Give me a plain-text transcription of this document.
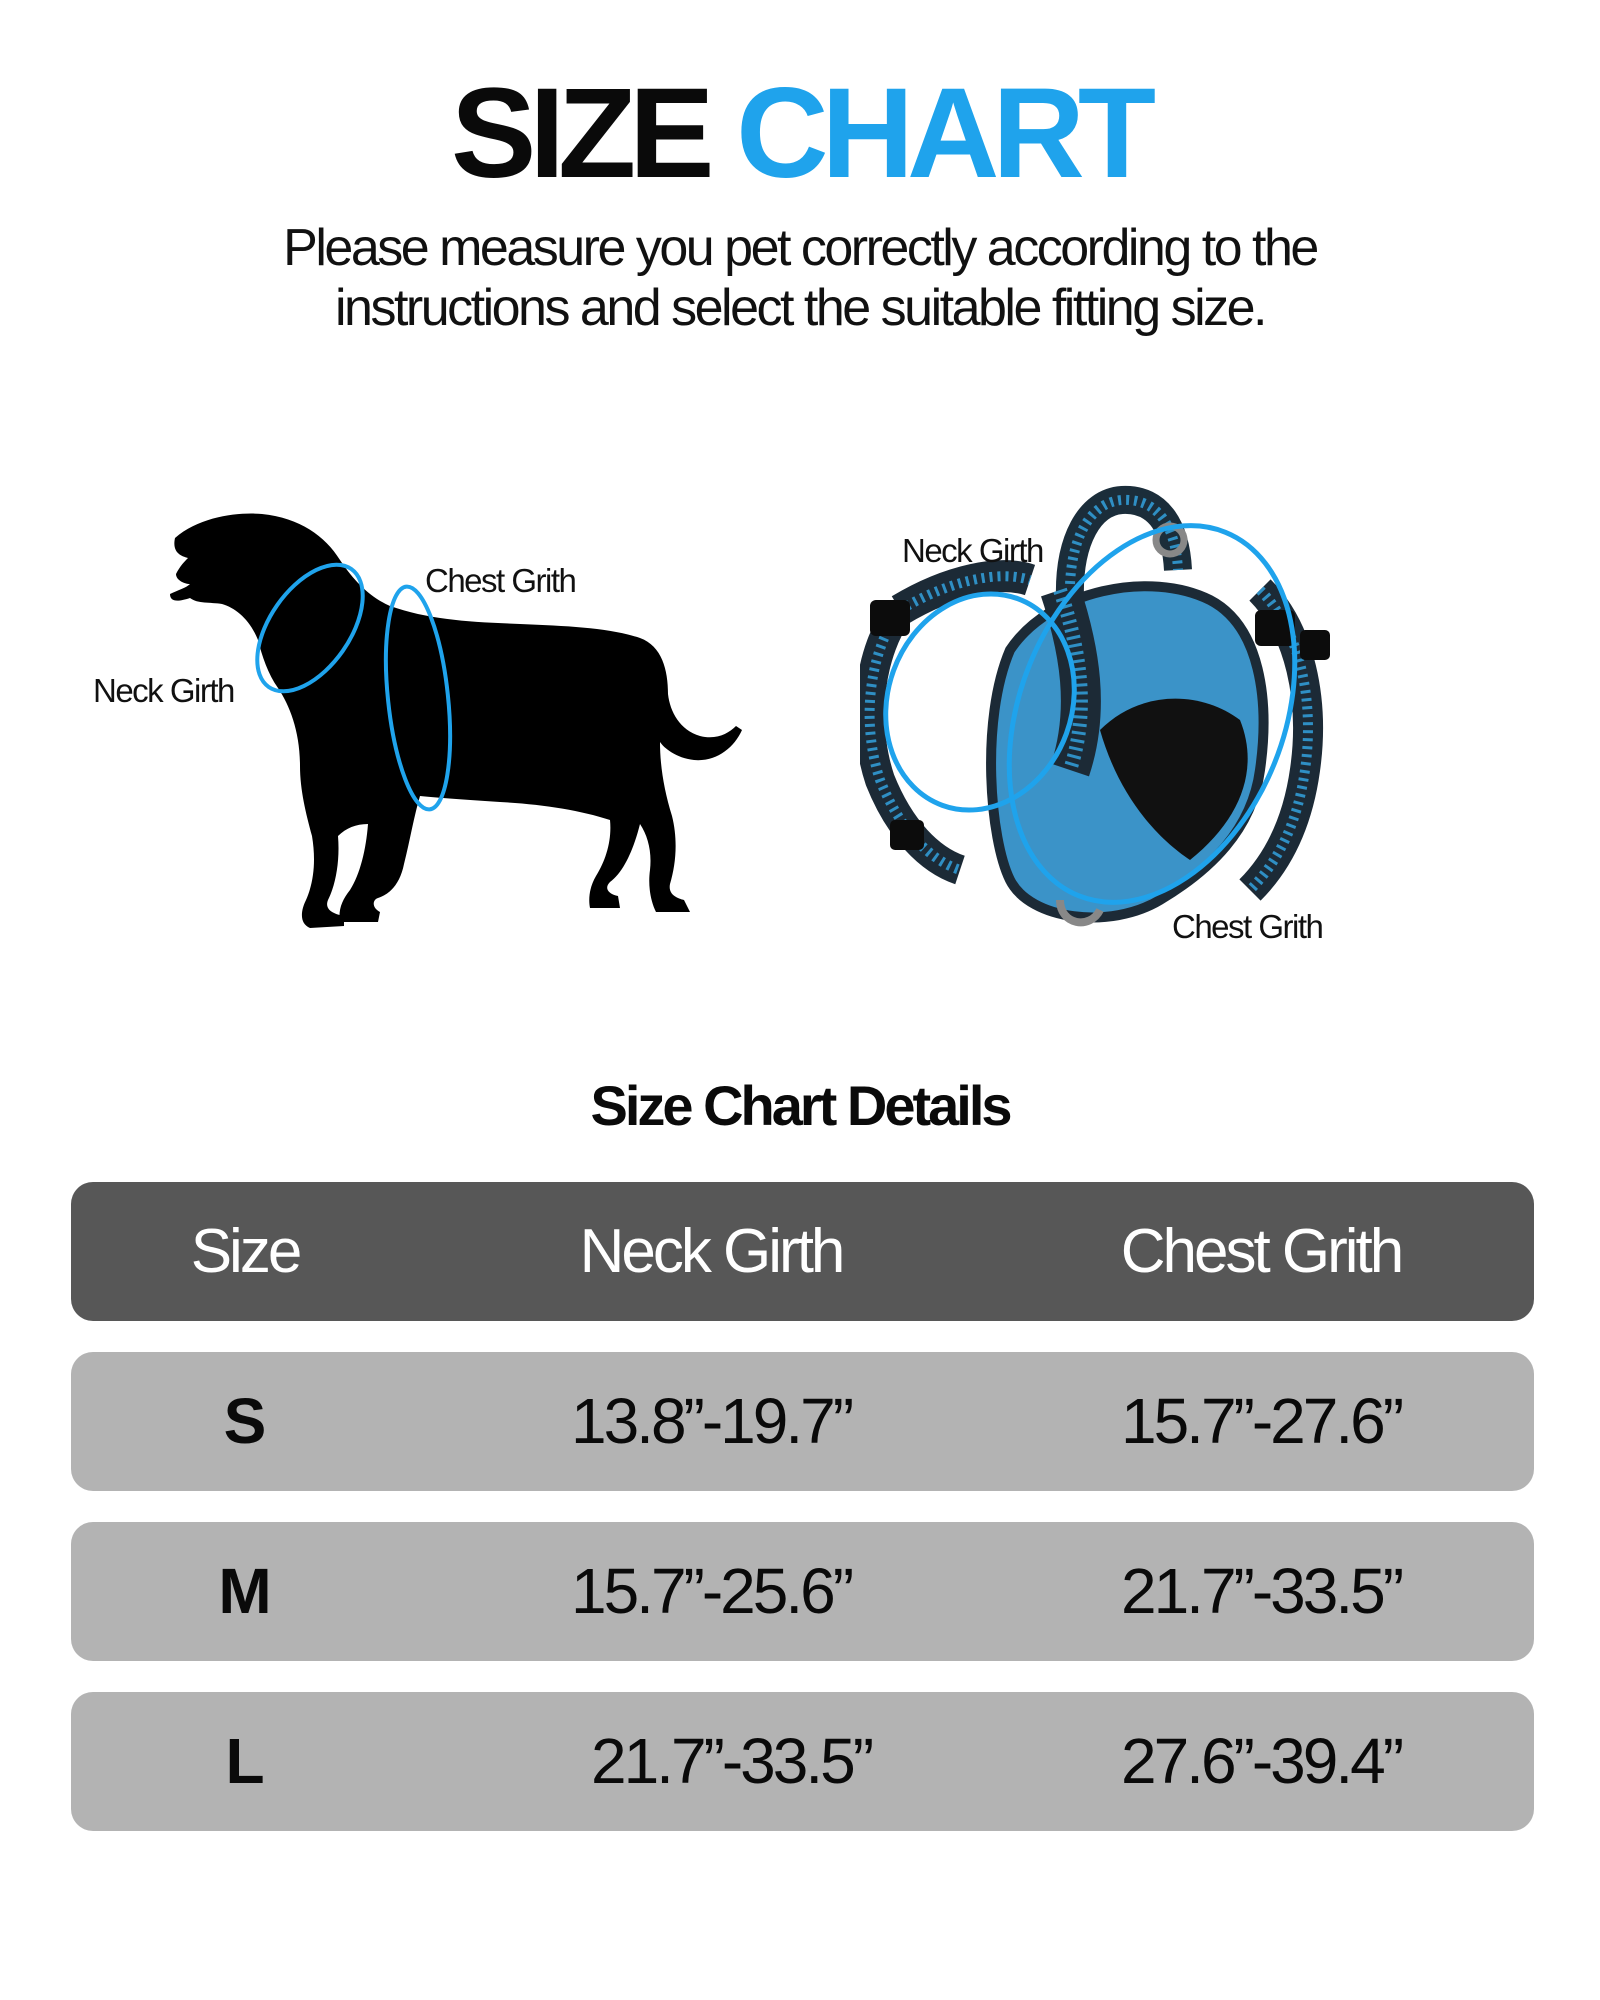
SIZE CHART
Please measure you pet correctly according to the
instructions and select the suitable fitting size.
Chest Grith
Neck Girth
Neck Girth
Chest Grith
Size Chart Details
Size	Neck Girth	Chest Grith
S	13.8”-19.7”	15.7”-27.6”
M	15.7”-25.6”	21.7”-33.5”
L	21.7”-33.5”	27.6”-39.4”
